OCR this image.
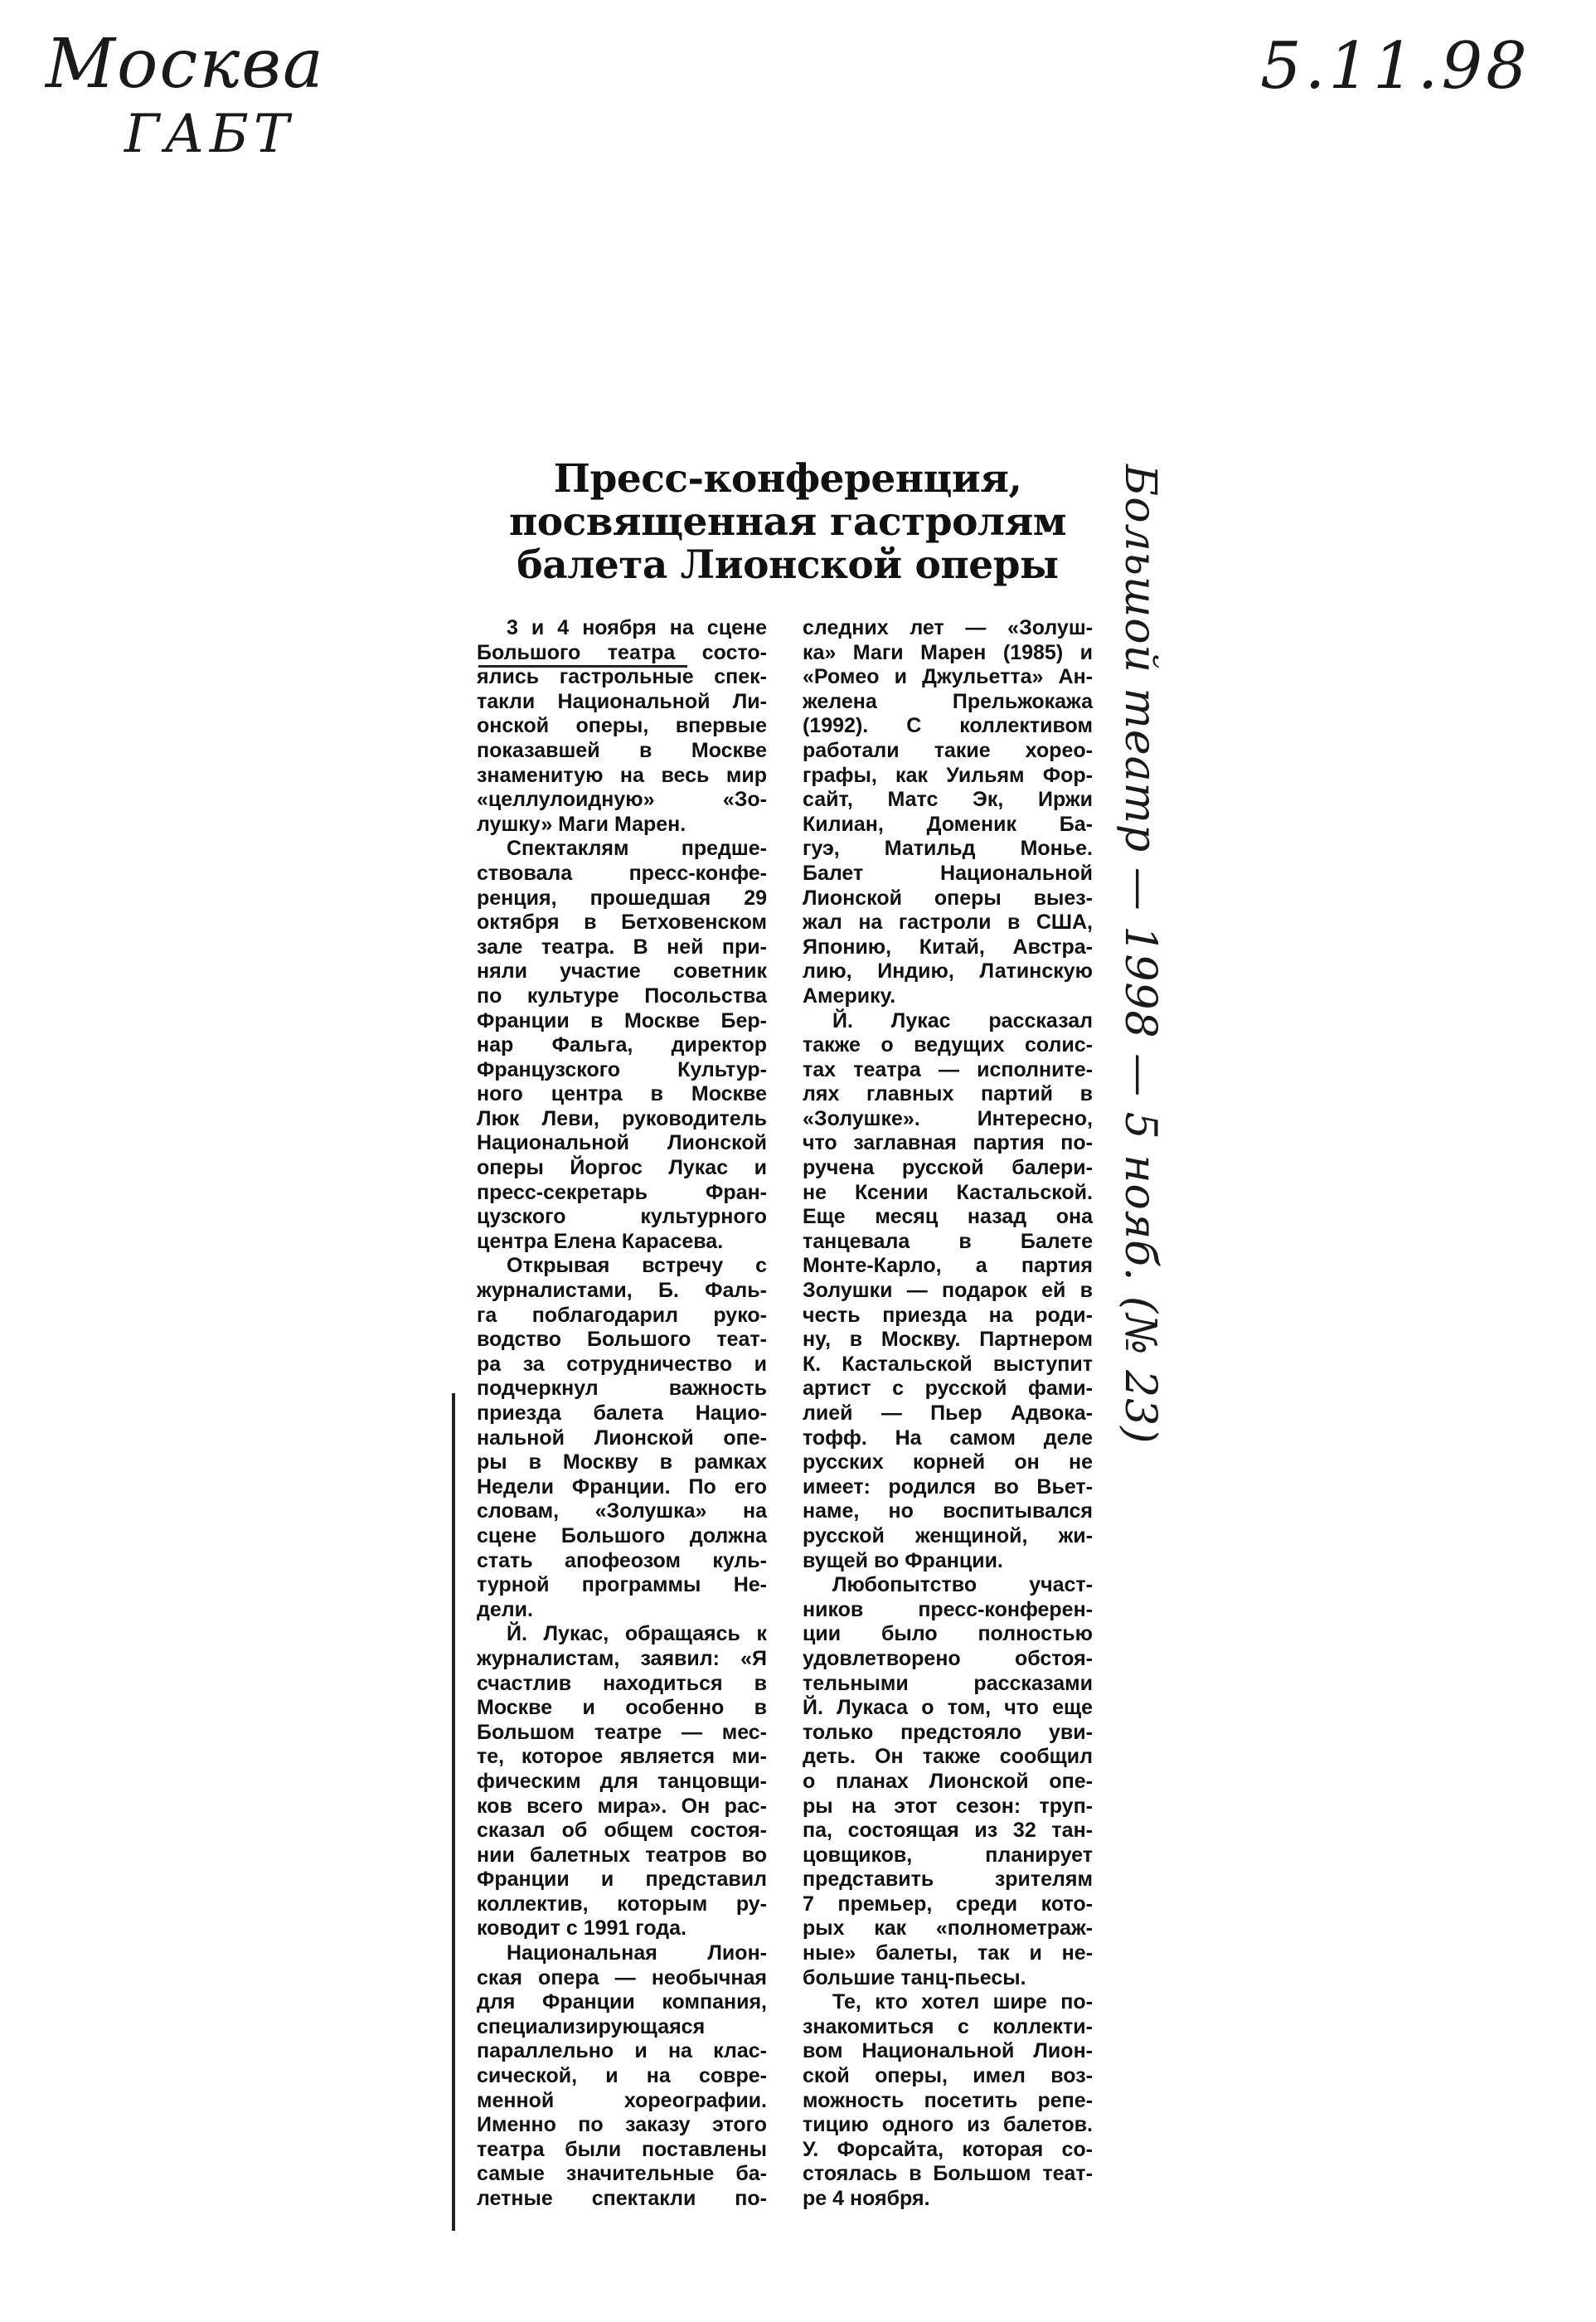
Москва
ГАБТ
5.11.98
Большой театр — 1998 — 5 нояб. (№ 23)
Пресс-конференция,
посвященная гастролям
балета Лионской оперы
3 и 4 ноября на сцене
Большого театра состо-
ялись гастрольные спек-
такли Национальной Ли-
онской оперы, впервые
показавшей в Москве
знаменитую на весь мир
«целлулоидную» «Зо-
лушку» Маги Марен.
Спектаклям предше-
ствовала пресс-конфе-
ренция, прошедшая 29
октября в Бетховенском
зале театра. В ней при-
няли участие советник
по культуре Посольства
Франции в Москве Бер-
нар Фальга, директор
Французского Культур-
ного центра в Москве
Люк Леви, руководитель
Национальной Лионской
оперы Йоргос Лукас и
пресс-секретарь Фран-
цузского культурного
центра Елена Карасева.
Открывая встречу с
журналистами, Б. Фаль-
га поблагодарил руко-
водство Большого теат-
ра за сотрудничество и
подчеркнул важность
приезда балета Нацио-
нальной Лионской опе-
ры в Москву в рамках
Недели Франции. По его
словам, «Золушка» на
сцене Большого должна
стать апофеозом куль-
турной программы Не-
дели.
Й. Лукас, обращаясь к
журналистам, заявил: «Я
счастлив находиться в
Москве и особенно в
Большом театре — мес-
те, которое является ми-
фическим для танцовщи-
ков всего мира». Он рас-
сказал об общем состоя-
нии балетных театров во
Франции и представил
коллектив, которым ру-
ководит с 1991 года.
Национальная Лион-
ская опера — необычная
для Франции компания,
специализирующаяся
параллельно и на клас-
сической, и на совре-
менной хореографии.
Именно по заказу этого
театра были поставлены
самые значительные ба-
летные спектакли по-
следних лет — «Золуш-
ка» Маги Марен (1985) и
«Ромео и Джульетта» Ан-
желена Прельжокажа
(1992). С коллективом
работали такие хорео-
графы, как Уильям Фор-
сайт, Матс Эк, Иржи
Килиан, Доменик Ба-
гуэ, Матильд Монье.
Балет Национальной
Лионской оперы выез-
жал на гастроли в США,
Японию, Китай, Австра-
лию, Индию, Латинскую
Америку.
Й. Лукас рассказал
также о ведущих солис-
тах театра — исполните-
лях главных партий в
«Золушке». Интересно,
что заглавная партия по-
ручена русской балери-
не Ксении Кастальской.
Еще месяц назад она
танцевала в Балете
Монте-Карло, а партия
Золушки — подарок ей в
честь приезда на роди-
ну, в Москву. Партнером
К. Кастальской выступит
артист с русской фами-
лией — Пьер Адвока-
тофф. На самом деле
русских корней он не
имеет: родился во Вьет-
наме, но воспитывался
русской женщиной, жи-
вущей во Франции.
Любопытство участ-
ников пресс-конферен-
ции было полностью
удовлетворено обстоя-
тельными рассказами
Й. Лукаса о том, что еще
только предстояло уви-
деть. Он также сообщил
о планах Лионской опе-
ры на этот сезон: труп-
па, состоящая из 32 тан-
цовщиков, планирует
представить зрителям
7 премьер, среди кото-
рых как «полнометраж-
ные» балеты, так и не-
большие танц-пьесы.
Те, кто хотел шире по-
знакомиться с коллекти-
вом Национальной Лион-
ской оперы, имел воз-
можность посетить репе-
тицию одного из балетов.
У. Форсайта, которая со-
стоялась в Большом теат-
ре 4 ноября.
